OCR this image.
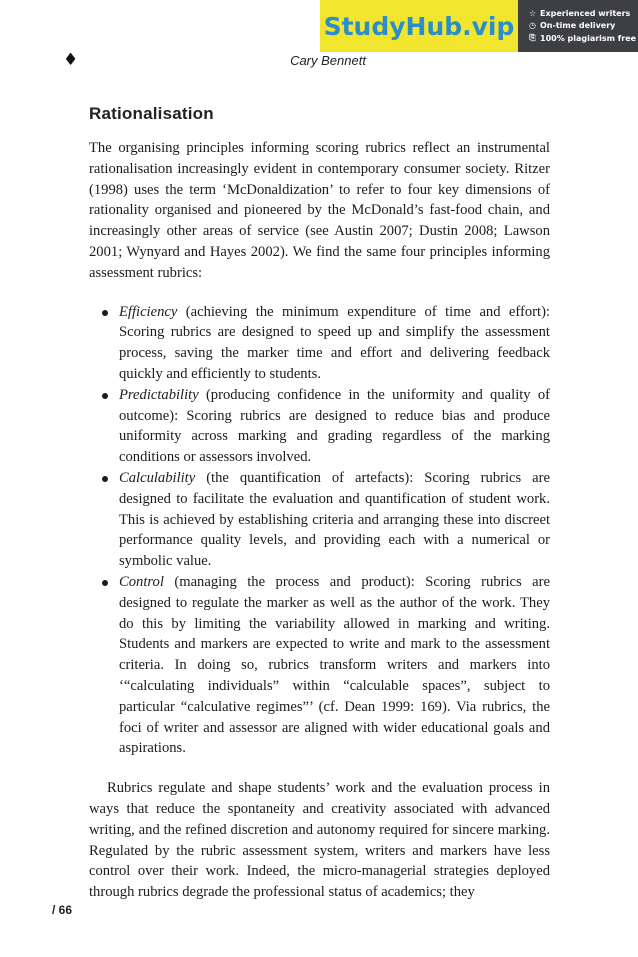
StudyHub.vip	☆ Experienced writers
◷ On-time delivery
⎘ 100% plagiarism free
♦	Cary Bennett
Rationalisation

The organising principles informing scoring rubrics reflect an instrumental rationalisation increasingly evident in contemporary consumer society. Ritzer (1998) uses the term ‘McDonaldization’ to refer to four key dimensions of rationality organised and pioneered by the McDonald’s fast-food chain, and increasingly other areas of service (see Austin 2007; Dustin 2008; Lawson 2001; Wynyard and Hayes 2002). We find the same four principles informing assessment rubrics:

Efficiency (achieving the minimum expenditure of time and effort): Scoring rubrics are designed to speed up and simplify the assessment process, saving the marker time and effort and delivering feedback quickly and efficiently to students.
Predictability (producing confidence in the uniformity and quality of outcome): Scoring rubrics are designed to reduce bias and produce uniformity across marking and grading regardless of the marking conditions or assessors involved.
Calculability (the quantification of artefacts): Scoring rubrics are designed to facilitate the evaluation and quantification of student work. This is achieved by establishing criteria and arranging these into discreet performance quality levels, and providing each with a numerical or symbolic value.
Control (managing the process and product): Scoring rubrics are designed to regulate the marker as well as the author of the work. They do this by limiting the variability allowed in marking and writing. Students and markers are expected to write and mark to the assessment criteria. In doing so, rubrics transform writers and markers into ‘“calculating individuals” within “calculable spaces”, subject to particular “calculative regimes”’ (cf. Dean 1999: 169). Via rubrics, the foci of writer and assessor are aligned with wider educational goals and aspirations.

Rubrics regulate and shape students’ work and the evaluation process in ways that reduce the spontaneity and creativity associated with advanced writing, and the refined discretion and autonomy required for sincere marking. Regulated by the rubric assessment system, writers and markers have less control over their work. Indeed, the micro-managerial strategies deployed through rubrics degrade the professional status of academics; they

/ 66
